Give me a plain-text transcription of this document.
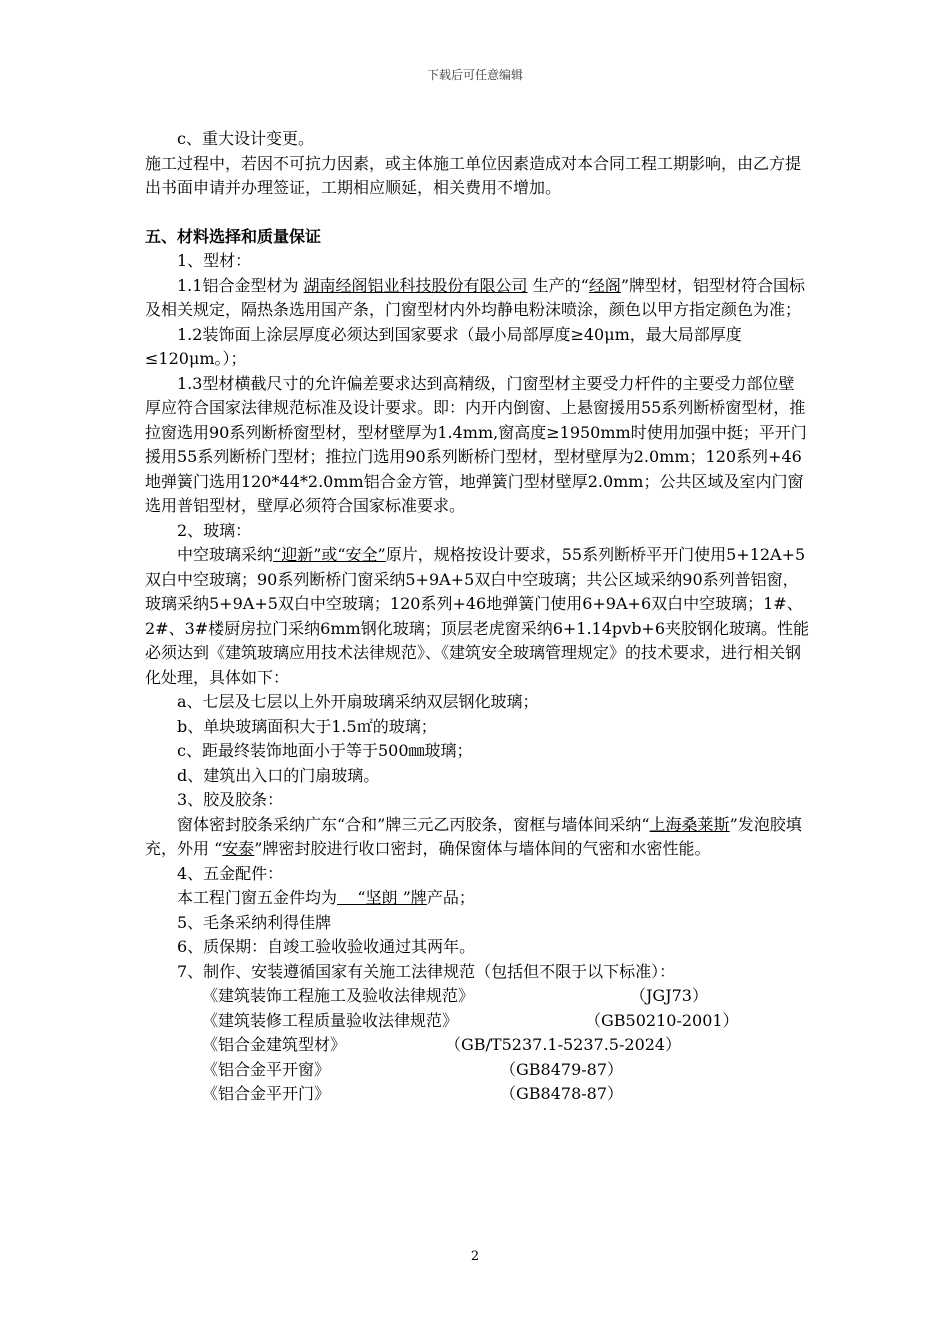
下载后可任意编辑

c、重大设计变更。

施工过程中，若因不可抗力因素，或主体施工单位因素造成对本合同工程工期影响，由乙方提出书面申请并办理签证，工期相应顺延，相关费用不增加。

五、材料选择和质量保证

1、型材：

1.1铝合金型材为 湖南经阁铝业科技股份有限公司 生产的“经阁”牌型材，铝型材符合国标及相关规定，隔热条选用国产条，门窗型材内外均静电粉沫喷涂，颜色以甲方指定颜色为准；

1.2装饰面上涂层厚度必须达到国家要求（最小局部厚度≥40μm，最大局部厚度≤120μm。）；

1.3型材横截尺寸的允许偏差要求达到高精级，门窗型材主要受力杆件的主要受力部位壁厚应符合国家法律规范标准及设计要求。即：内开内倒窗、上悬窗援用55系列断桥窗型材，推拉窗选用90系列断桥窗型材，型材壁厚为1.4mm,窗高度≥1950mm时使用加强中挺；平开门援用55系列断桥门型材；推拉门选用90系列断桥门型材，型材壁厚为2.0mm；120系列+46地弹簧门选用120*44*2.0mm铝合金方管，地弹簧门型材壁厚2.0mm；公共区域及室内门窗选用普铝型材，壁厚必须符合国家标准要求。

2、玻璃：

中空玻璃采纳“迎新”或“安全”原片，规格按设计要求，55系列断桥平开门使用5+12A+5双白中空玻璃；90系列断桥门窗采纳5+9A+5双白中空玻璃；共公区域采纳90系列普铝窗，玻璃采纳5+9A+5双白中空玻璃；120系列+46地弹簧门使用6+9A+6双白中空玻璃；1#、2#、3#楼厨房拉门采纳6mm钢化玻璃；顶层老虎窗采纳6+1.14pvb+6夹胶钢化玻璃。性能必须达到《建筑玻璃应用技术法律规范》、《建筑安全玻璃管理规定》的技术要求，进行相关钢化处理，具体如下：

a、七层及七层以上外开扇玻璃采纳双层钢化玻璃；

b、单块玻璃面积大于1.5㎡的玻璃；

c、距最终装饰地面小于等于500㎜玻璃；

d、建筑出入口的门扇玻璃。

3、胶及胶条：

窗体密封胶条采纳广东“合和”牌三元乙丙胶条，窗框与墙体间采纳“上海桑莱斯”发泡胶填充，外用 “安泰”牌密封胶进行收口密封，确保窗体与墙体间的气密和水密性能。

4、五金配件：

本工程门窗五金件均为 “坚朗 ”牌产品；

5、毛条采纳利得佳牌

6、质保期：自竣工验收验收通过其两年。

7、制作、安装遵循国家有关施工法律规范（包括但不限于以下标准）：

《建筑装饰工程施工及验收法律规范》	（JGJ73）
《建筑装修工程质量验收法律规范》	（GB50210-2001）
《铝合金建筑型材》	（GB/T5237.1-5237.5-2024）
《铝合金平开窗》	（GB8479-87）
《铝合金平开门》	（GB8478-87）
2
